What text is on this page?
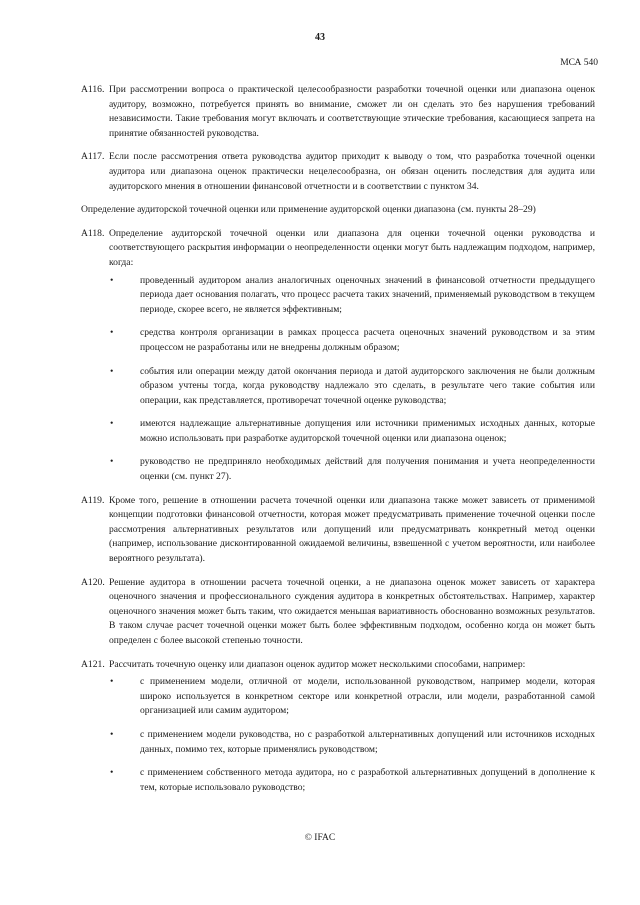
43
МСА 540
A116. При рассмотрении вопроса о практической целесообразности разработки точечной оценки или диапазона оценок аудитору, возможно, потребуется принять во внимание, сможет ли он сделать это без нарушения требований независимости. Такие требования могут включать и соответствующие этические требования, касающиеся запрета на принятие обязанностей руководства.
A117. Если после рассмотрения ответа руководства аудитор приходит к выводу о том, что разработка точечной оценки аудитора или диапазона оценок практически нецелесообразна, он обязан оценить последствия для аудита или аудиторского мнения в отношении финансовой отчетности и в соответствии с пунктом 34.
Определение аудиторской точечной оценки или применение аудиторской оценки диапазона (см. пункты 28–29)
A118. Определение аудиторской точечной оценки или диапазона для оценки точечной оценки руководства и соответствующего раскрытия информации о неопределенности оценки могут быть надлежащим подходом, например, когда:
•	проведенный аудитором анализ аналогичных оценочных значений в финансовой отчетности предыдущего периода дает основания полагать, что процесс расчета таких значений, применяемый руководством в текущем периоде, скорее всего, не является эффективным;
•	средства контроля организации в рамках процесса расчета оценочных значений руководством и за этим процессом не разработаны или не внедрены должным образом;
•	события или операции между датой окончания периода и датой аудиторского заключения не были должным образом учтены тогда, когда руководству надлежало это сделать, в результате чего такие события или операции, как представляется, противоречат точечной оценке руководства;
•	имеются надлежащие альтернативные допущения или источники применимых исходных данных, которые можно использовать при разработке аудиторской точечной оценки или диапазона оценок;
•	руководство не предприняло необходимых действий для получения понимания и учета неопределенности оценки (см. пункт 27).
A119. Кроме того, решение в отношении расчета точечной оценки или диапазона также может зависеть от применимой концепции подготовки финансовой отчетности, которая может предусматривать применение точечной оценки после рассмотрения альтернативных результатов или допущений или предусматривать конкретный метод оценки (например, использование дисконтированной ожидаемой величины, взвешенной с учетом вероятности, или наиболее вероятного результата).
A120. Решение аудитора в отношении расчета точечной оценки, а не диапазона оценок может зависеть от характера оценочного значения и профессионального суждения аудитора в конкретных обстоятельствах. Например, характер оценочного значения может быть таким, что ожидается меньшая вариативность обоснованно возможных результатов. В таком случае расчет точечной оценки может быть более эффективным подходом, особенно когда он может быть определен с более высокой степенью точности.
A121. Рассчитать точечную оценку или диапазон оценок аудитор может несколькими способами, например:
•	с применением модели, отличной от модели, использованной руководством, например модели, которая широко используется в конкретном секторе или конкретной отрасли, или модели, разработанной самой организацией или самим аудитором;
•	с применением модели руководства, но с разработкой альтернативных допущений или источников исходных данных, помимо тех, которые применялись руководством;
•	с применением собственного метода аудитора, но с разработкой альтернативных допущений в дополнение к тем, которые использовало руководство;
© IFAC
